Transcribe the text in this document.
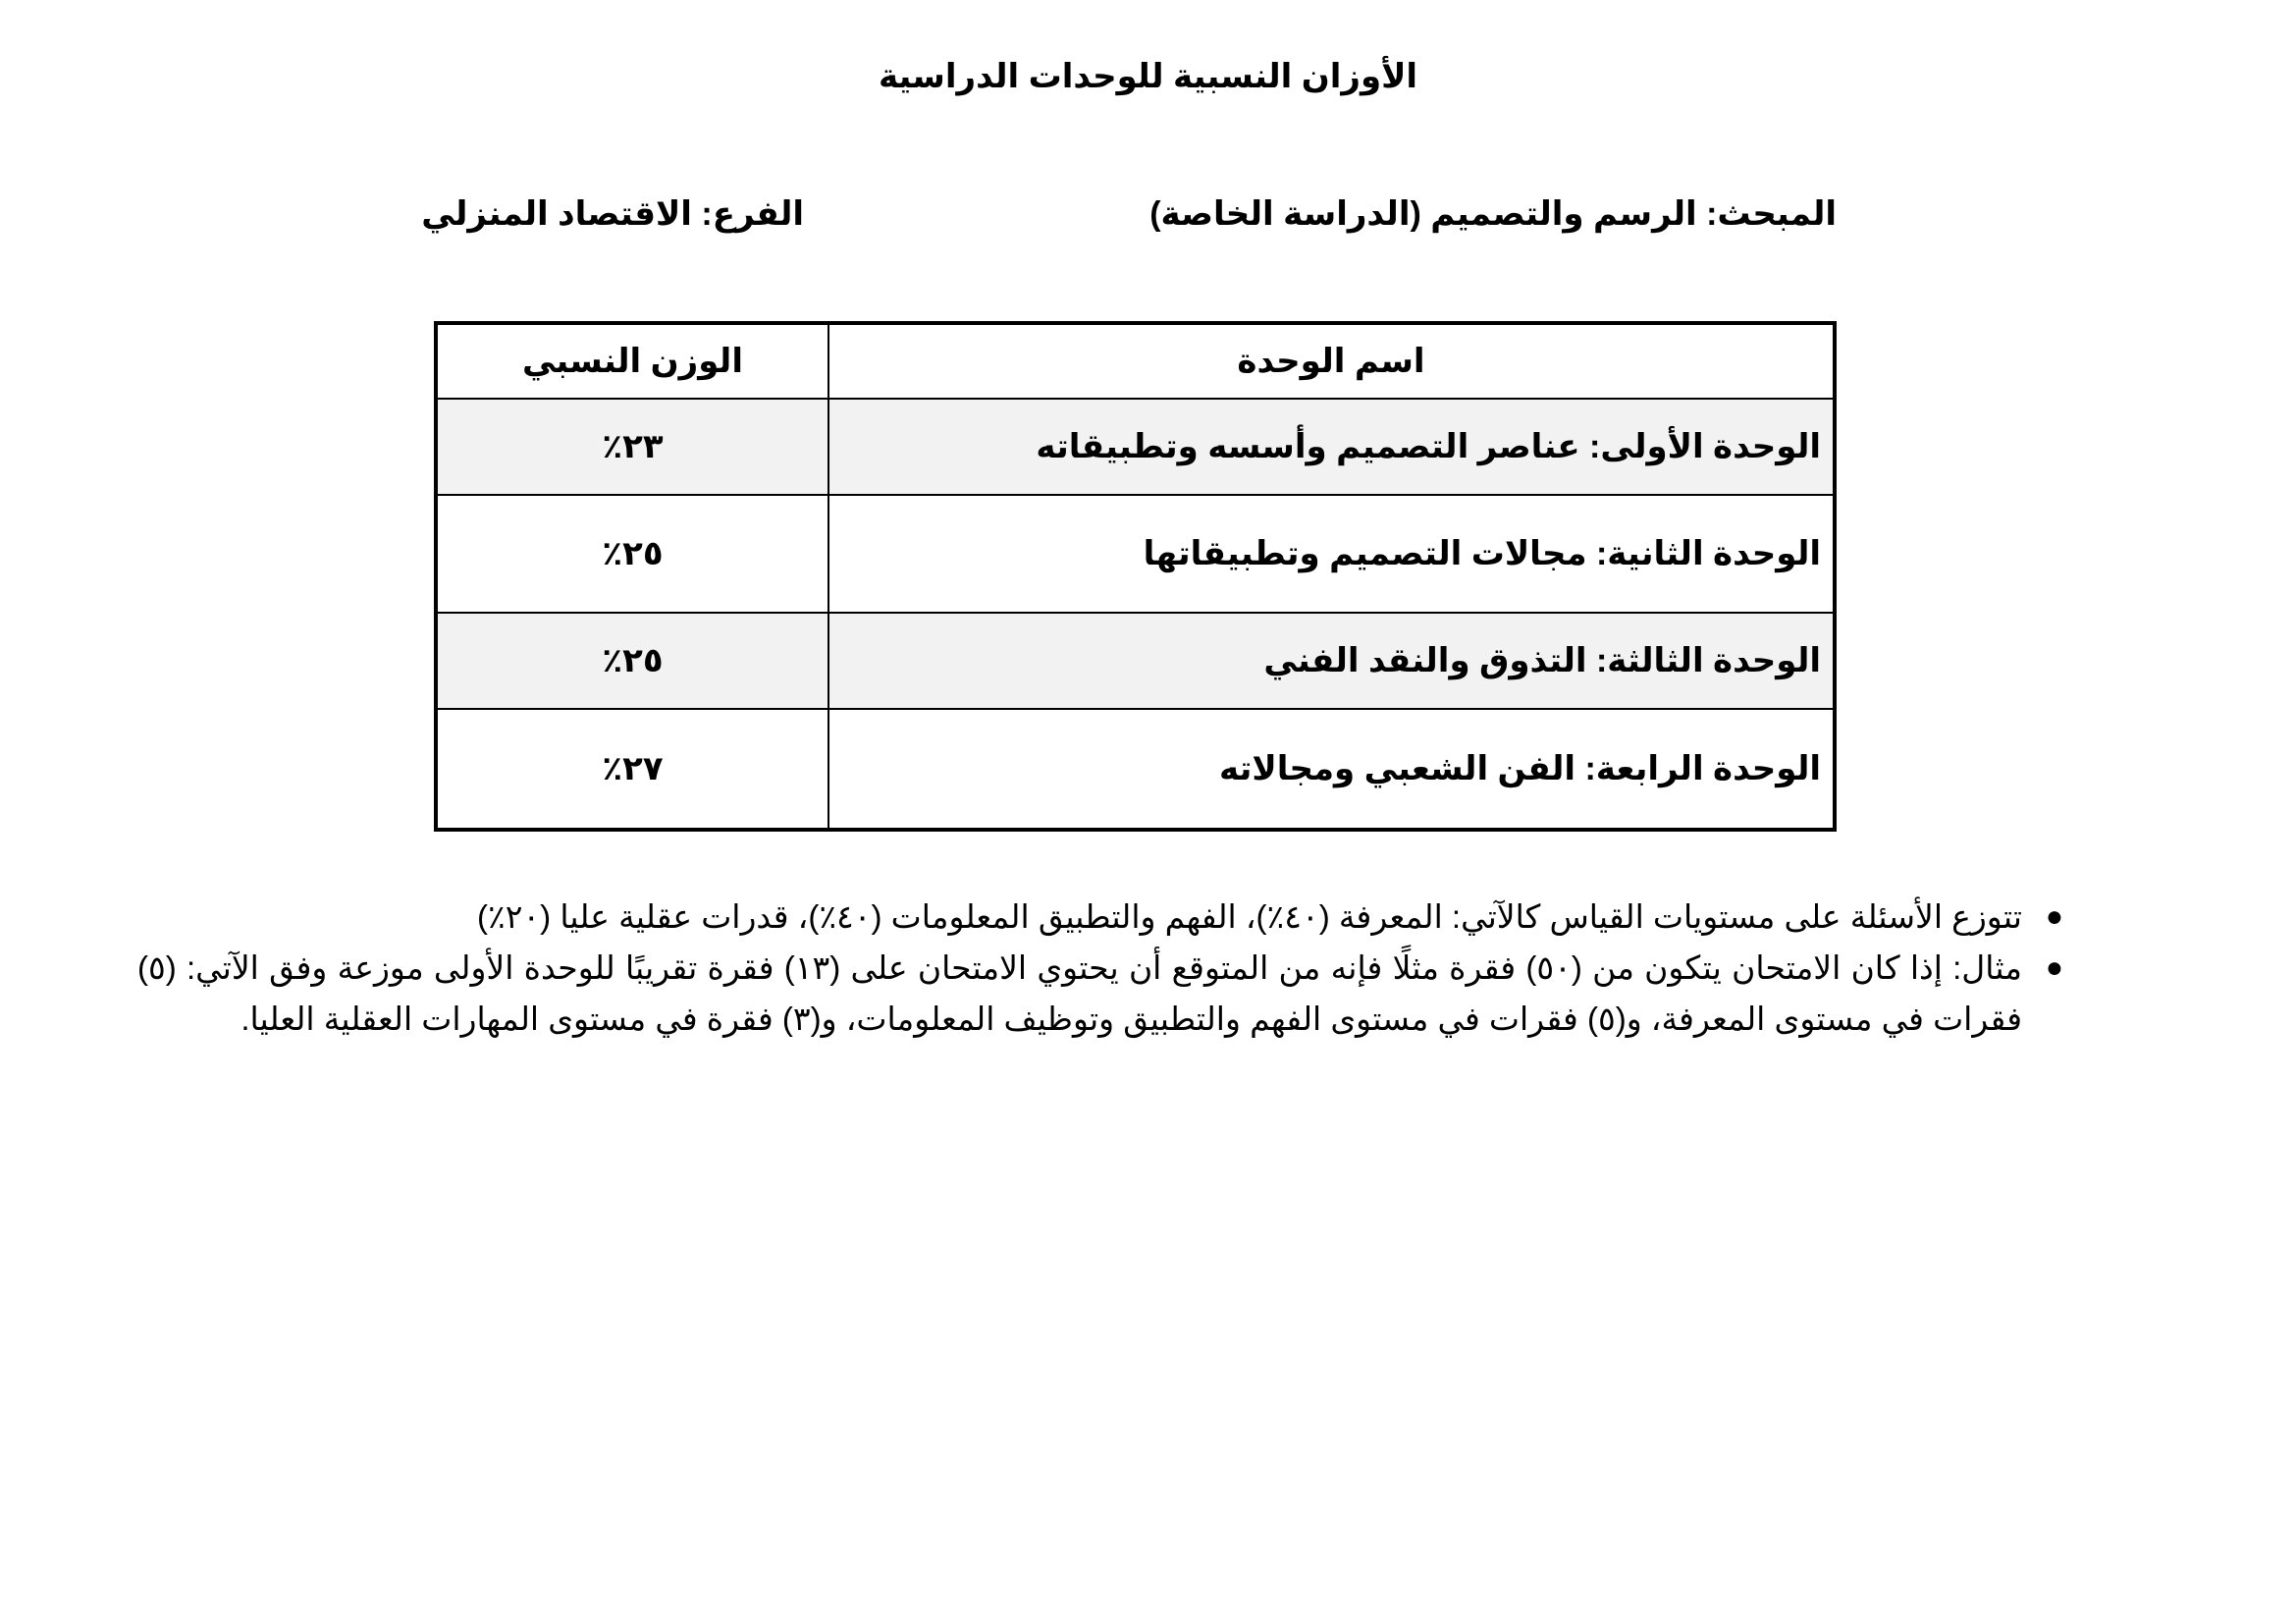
الأوزان النسبية للوحدات الدراسية
المبحث: الرسم والتصميم (الدراسة الخاصة)
الفرع: الاقتصاد المنزلي
اسم الوحدة	الوزن النسبي
الوحدة الأولى: عناصر التصميم وأسسه وتطبيقاته	٢٣٪
الوحدة الثانية: مجالات التصميم وتطبيقاتها	٢٥٪
الوحدة الثالثة: التذوق والنقد الفني	٢٥٪
الوحدة الرابعة: الفن الشعبي ومجالاته	٢٧٪
●
تتوزع الأسئلة على مستويات القياس كالآتي: المعرفة (٤٠٪)، الفهم والتطبيق المعلومات (٤٠٪)، قدرات عقلية عليا (٢٠٪)
●
مثال: إذا كان الامتحان يتكون من (٥٠) فقرة مثلًا فإنه من المتوقع أن يحتوي الامتحان على (١٣) فقرة تقريبًا للوحدة الأولى موزعة وفق الآتي: (٥) فقرات في مستوى المعرفة، و(٥) فقرات في مستوى الفهم والتطبيق وتوظيف المعلومات، و(٣) فقرة في مستوى المهارات العقلية العليا.
